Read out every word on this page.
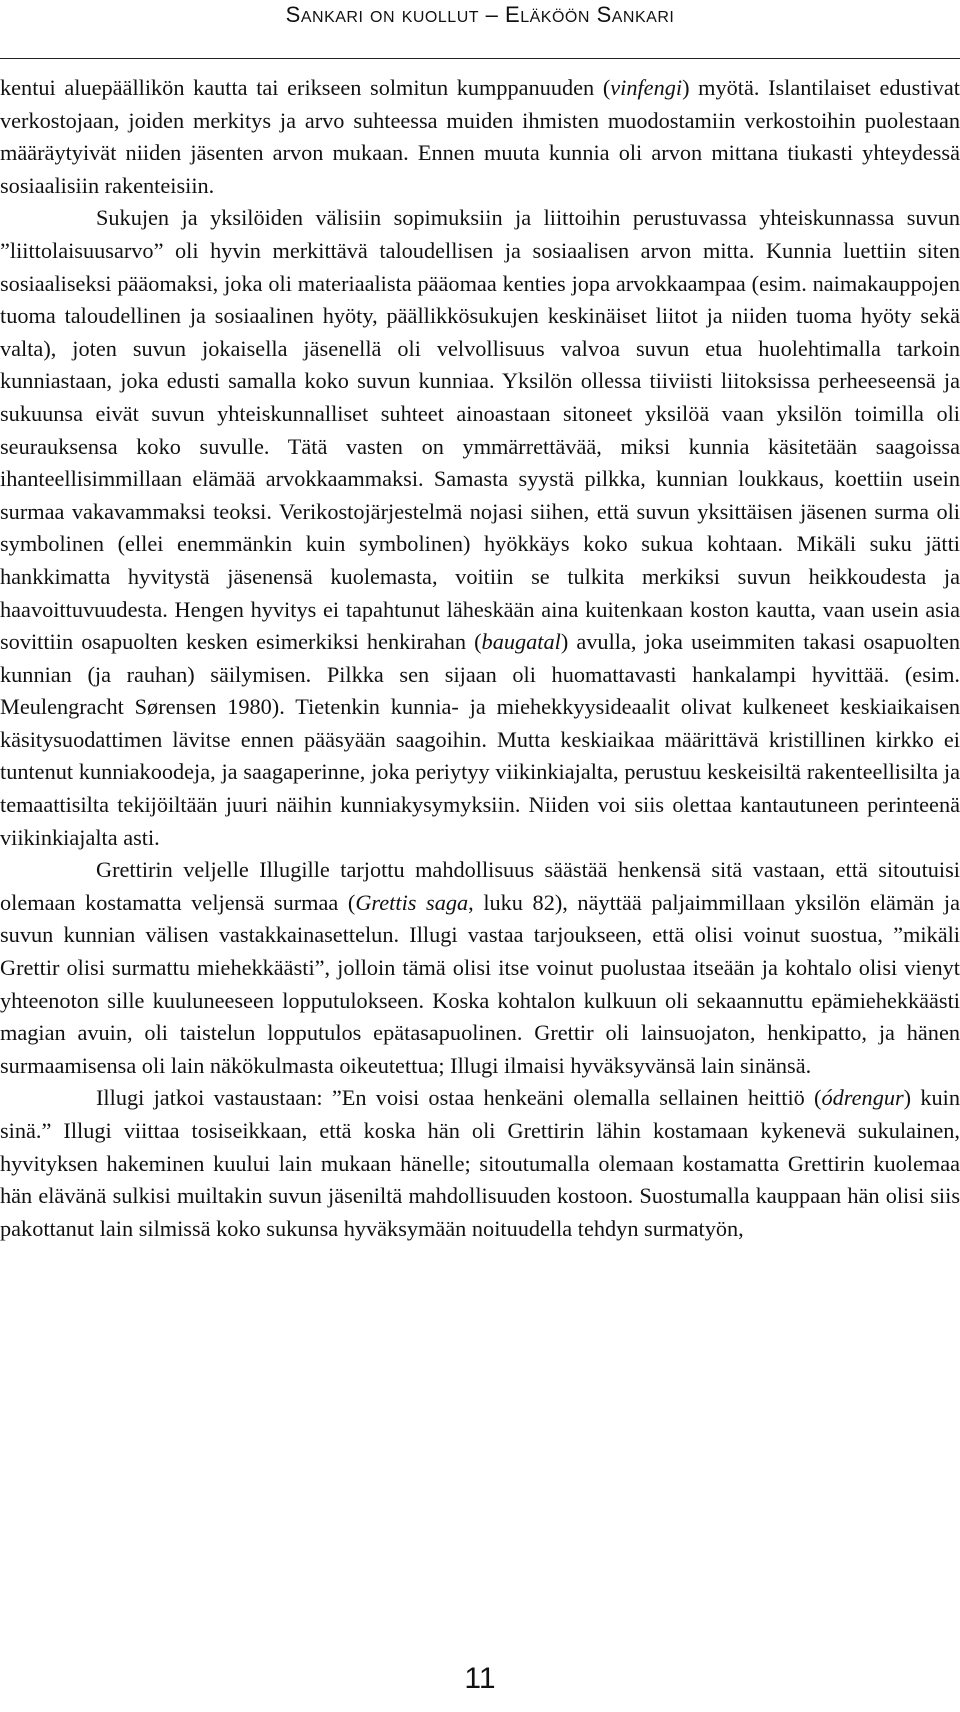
SANKARI ON KUOLLUT – ELÄKÖÖN SANKARI

kentui aluepäällikön kautta tai erikseen solmitun kumppanuuden (vinfengi) myötä. Islantilaiset edustivat verkostojaan, joiden merkitys ja arvo suhteessa muiden ihmisten muodostamiin verkostoihin puolestaan määräytyivät niiden jäsenten arvon mukaan. Ennen muuta kunnia oli arvon mittana tiukasti yhteydessä sosiaalisiin rakenteisiin.

Sukujen ja yksilöiden välisiin sopimuksiin ja liittoihin perustuvassa yhteiskunnassa suvun ”liittolaisuusarvo” oli hyvin merkittävä taloudellisen ja sosiaalisen arvon mitta. Kunnia luettiin siten sosiaaliseksi pääomaksi, joka oli materiaalista pääomaa kenties jopa arvokkaampaa (esim. naimakauppojen tuoma taloudellinen ja sosiaalinen hyöty, päällikkösukujen keskinäiset liitot ja niiden tuoma hyöty sekä valta), joten suvun jokaisella jäsenellä oli velvollisuus valvoa suvun etua huolehtimalla tarkoin kunniastaan, joka edusti samalla koko suvun kunniaa. Yksilön ollessa tiiviisti liitoksissa perheeseensä ja sukuunsa eivät suvun yhteiskunnalliset suhteet ainoastaan sitoneet yksilöä vaan yksilön toimilla oli seurauksensa koko suvulle. Tätä vasten on ymmärrettävää, miksi kunnia käsitetään saagoissa ihanteellisimmillaan elämää arvokkaammaksi. Samasta syystä pilkka, kunnian loukkaus, koettiin usein surmaa vakavammaksi teoksi. Verikostojärjestelmä nojasi siihen, että suvun yksittäisen jäsenen surma oli symbolinen (ellei enemmänkin kuin symbolinen) hyökkäys koko sukua kohtaan. Mikäli suku jätti hankkimatta hyvitystä jäsenensä kuolemasta, voitiin se tulkita merkiksi suvun heikkoudesta ja haavoittuvuudesta. Hengen hyvitys ei tapahtunut läheskään aina kuitenkaan koston kautta, vaan usein asia sovittiin osapuolten kesken esimerkiksi henkirahan (baugatal) avulla, joka useimmiten takasi osapuolten kunnian (ja rauhan) säilymisen. Pilkka sen sijaan oli huomattavasti hankalampi hyvittää. (esim. Meulengracht Sørensen 1980). Tietenkin kunnia- ja miehekkyysideaalit olivat kulkeneet keskiaikaisen käsitysuodattimen lävitse ennen pääsyään saagoihin. Mutta keskiaikaa määrittävä kristillinen kirkko ei tuntenut kunniakoodeja, ja saagaperinne, joka periytyy viikinkiajalta, perustuu keskeisiltä rakenteellisilta ja temaattisilta tekijöiltään juuri näihin kunniakysymyksiin. Niiden voi siis olettaa kantautuneen perinteenä viikinkiajalta asti.

Grettirin veljelle Illugille tarjottu mahdollisuus säästää henkensä sitä vastaan, että sitoutuisi olemaan kostamatta veljensä surmaa (Grettis saga, luku 82), näyttää paljaimmillaan yksilön elämän ja suvun kunnian välisen vastakkainasettelun. Illugi vastaa tarjoukseen, että olisi voinut suostua, ”mikäli Grettir olisi surmattu miehekkäästi”, jolloin tämä olisi itse voinut puolustaa itseään ja kohtalo olisi vienyt yhteenoton sille kuuluneeseen lopputulokseen. Koska kohtalon kulkuun oli sekaannuttu epämiehekkäästi magian avuin, oli taistelun lopputulos epätasapuolinen. Grettir oli lainsuojaton, henkipatto, ja hänen surmaamisensa oli lain näkökulmasta oikeutettua; Illugi ilmaisi hyväksyvänsä lain sinänsä.

Illugi jatkoi vastaustaan: ”En voisi ostaa henkeäni olemalla sellainen heittiö (ódrengur) kuin sinä.” Illugi viittaa tosiseikkaan, että koska hän oli Grettirin lähin kostamaan kykenevä sukulainen, hyvityksen hakeminen kuului lain mukaan hänelle; sitoutumalla olemaan kostamatta Grettirin kuolemaa hän elävänä sulkisi muiltakin suvun jäseniltä mahdollisuuden kostoon. Suostumalla kauppaan hän olisi siis pakottanut lain silmissä koko sukunsa hyväksymään noituudella tehdyn surmatyön,

11
